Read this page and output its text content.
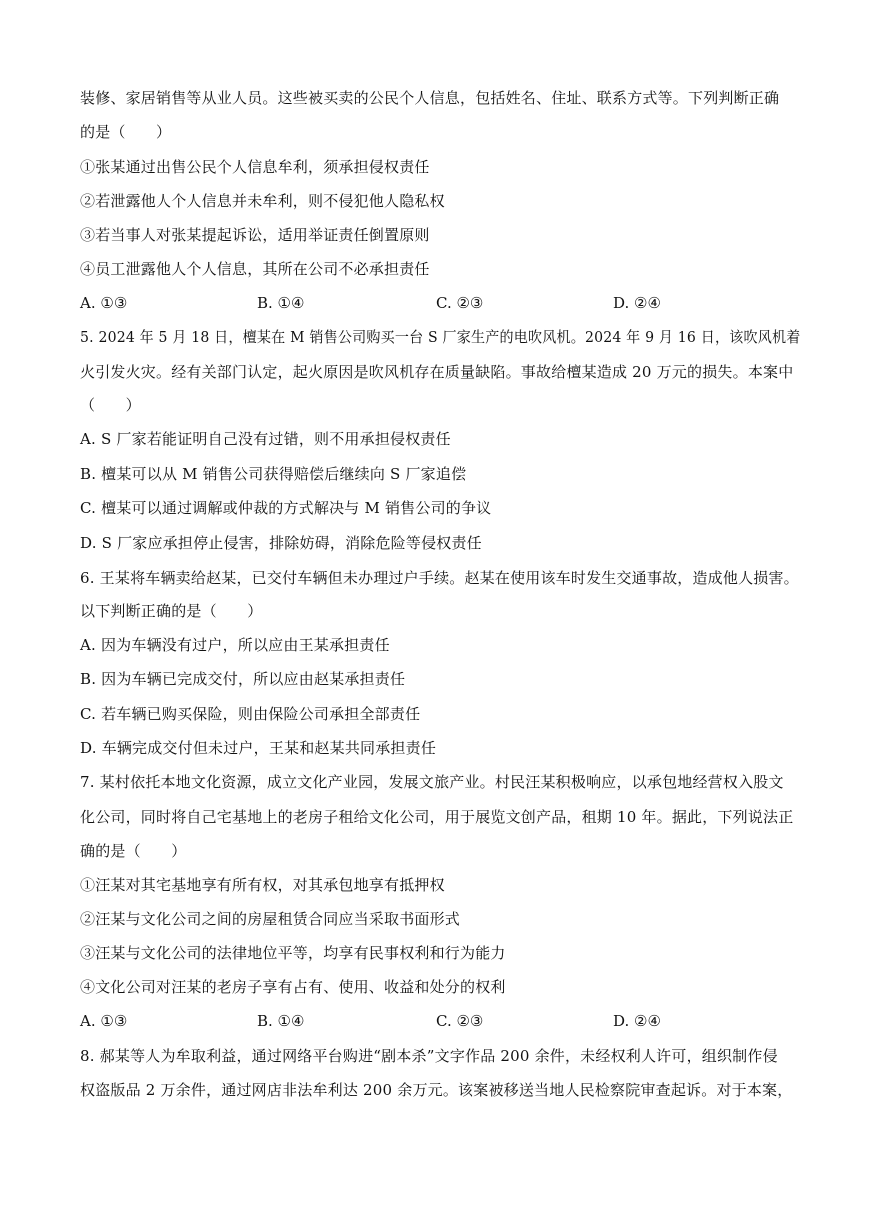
装修、家居销售等从业人员。这些被买卖的公民个人信息，包括姓名、住址、联系方式等。下列判断正确
的是（　　）
①张某通过出售公民个人信息牟利，须承担侵权责任
②若泄露他人个人信息并未牟利，则不侵犯他人隐私权
③若当事人对张某提起诉讼，适用举证责任倒置原则
④员工泄露他人个人信息，其所在公司不必承担责任
A. ①③	B. ①④	C. ②③	D. ②④
5. 2024 年 5 月 18 日，檀某在 M 销售公司购买一台 S 厂家生产的电吹风机。2024 年 9 月 16 日，该吹风机着
火引发火灾。经有关部门认定，起火原因是吹风机存在质量缺陷。事故给檀某造成 20 万元的损失。本案中
（　　）
A. S 厂家若能证明自己没有过错，则不用承担侵权责任
B. 檀某可以从 M 销售公司获得赔偿后继续向 S 厂家追偿
C. 檀某可以通过调解或仲裁的方式解决与 M 销售公司的争议
D. S 厂家应承担停止侵害，排除妨碍，消除危险等侵权责任
6. 王某将车辆卖给赵某，已交付车辆但未办理过户手续。赵某在使用该车时发生交通事故，造成他人损害。
以下判断正确的是（　　）
A. 因为车辆没有过户，所以应由王某承担责任
B. 因为车辆已完成交付，所以应由赵某承担责任
C. 若车辆已购买保险，则由保险公司承担全部责任
D. 车辆完成交付但未过户，王某和赵某共同承担责任
7. 某村依托本地文化资源，成立文化产业园，发展文旅产业。村民汪某积极响应，以承包地经营权入股文
化公司，同时将自己宅基地上的老房子租给文化公司，用于展览文创产品，租期 10 年。据此，下列说法正
确的是（　　）
①汪某对其宅基地享有所有权，对其承包地享有抵押权
②汪某与文化公司之间的房屋租赁合同应当采取书面形式
③汪某与文化公司的法律地位平等，均享有民事权利和行为能力
④文化公司对汪某的老房子享有占有、使用、收益和处分的权利
A. ①③	B. ①④	C. ②③	D. ②④
8. 郝某等人为牟取利益，通过网络平台购进“剧本杀”文字作品 200 余件，未经权利人许可，组织制作侵
权盗版品 2 万余件，通过网店非法牟利达 200 余万元。该案被移送当地人民检察院审查起诉。对于本案，
